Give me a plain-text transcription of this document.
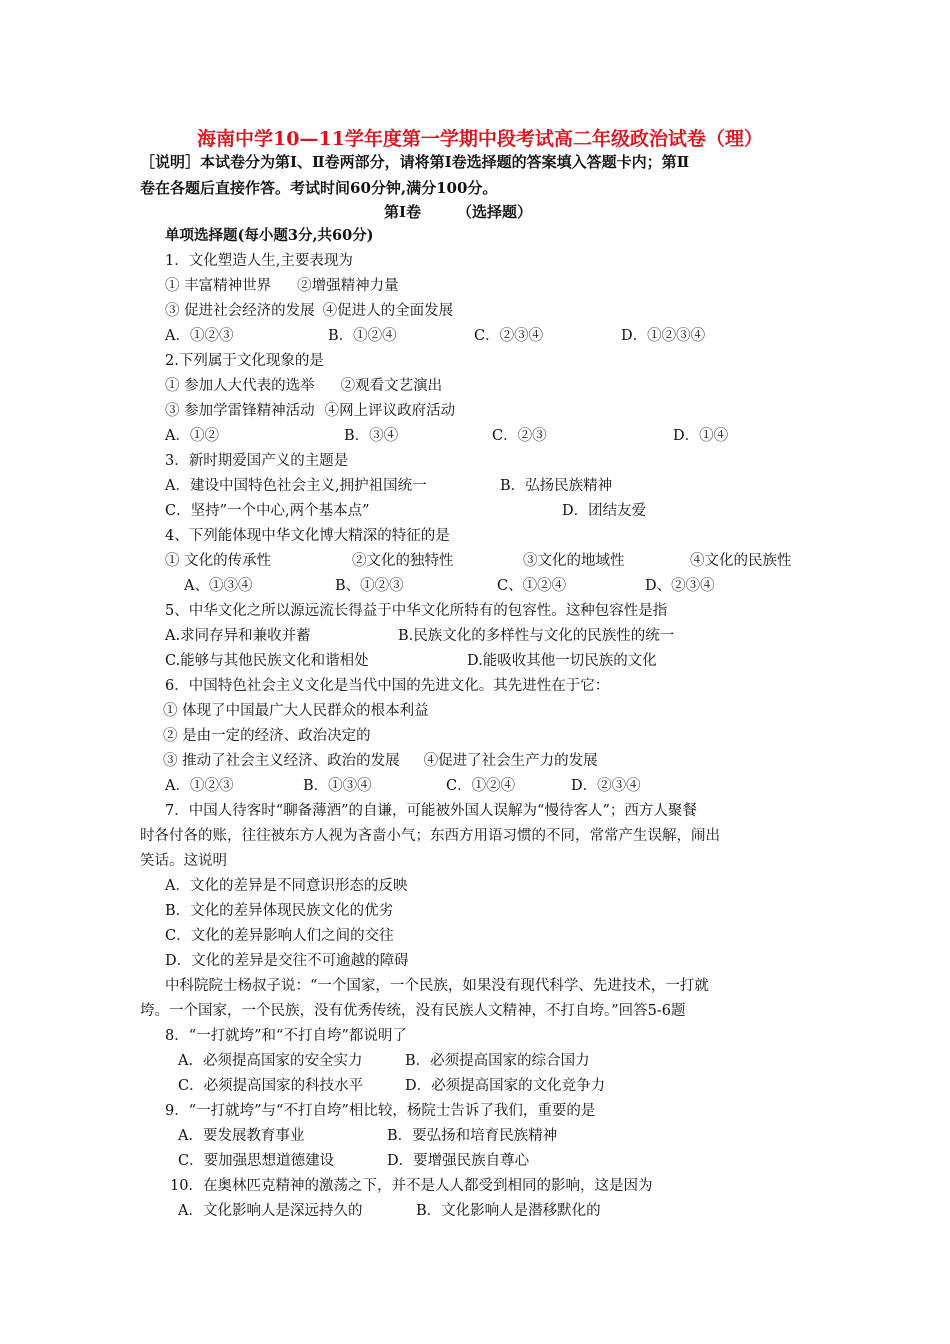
海南中学10—11学年度第一学期中段考试高二年级政治试卷（理）
［说明］本试卷分为第Ⅰ、Ⅱ卷两部分，请将第Ⅰ卷选择题的答案填入答题卡内；第Ⅱ
卷在各题后直接作答。考试时间60分钟,满分100分。
第Ⅰ卷 （选择题）
单项选择题(每小题3分,共60分)
1．文化塑造人生,主要表现为
① 丰富精神世界 ②增强精神力量
③ 促进社会经济的发展 ④促进人的全面发展
A．①②③	B．①②④	C．②③④	D．①②③④
2.下列属于文化现象的是
① 参加人大代表的选举 ②观看文艺演出
③ 参加学雷锋精神活动 ④网上评议政府活动
A．①②	B．③④	C．②③	D．①④
3．新时期爱国产义的主题是
A．建设中国特色社会主义,拥护祖国统一	B．弘扬民族精神
C．坚持”一个中心,两个基本点”	D．团结友爱
4、下列能体现中华文化博大精深的特征的是
① 文化的传承性	②文化的独特性	③文化的地域性	④文化的民族性
A、①③④	B、①②③	C、①②④	D、②③④
5、中华文化之所以源远流长得益于中华文化所特有的包容性。这种包容性是指
A.求同存异和兼收并蓄	B.民族文化的多样性与文化的民族性的统一
C.能够与其他民族文化和谐相处	D.能吸收其他一切民族的文化
6．中国特色社会主义文化是当代中国的先进文化。其先进性在于它：
① 体现了中国最广大人民群众的根本利益
② 是由一定的经济、政治决定的
③ 推动了社会主义经济、政治的发展 ④促进了社会生产力的发展
A．①②③	B．①③④	C．①②④	D．②③④
7．中国人待客时“聊备薄酒”的自谦，可能被外国人误解为“慢待客人”；西方人聚餐
时各付各的账，往往被东方人视为吝啬小气；东西方用语习惯的不同，常常产生误解，闹出
笑话。这说明
A．文化的差异是不同意识形态的反映
B．文化的差异体现民族文化的优劣
C．文化的差异影响人们之间的交往
D．文化的差异是交往不可逾越的障碍
中科院院士杨叔子说：“一个国家，一个民族，如果没有现代科学、先进技术，一打就
垮。一个国家，一个民族，没有优秀传统，没有民族人文精神，不打自垮。”回答5-6题
8．“一打就垮”和“不打自垮”都说明了
A．必须提高国家的安全实力	B．必须提高国家的综合国力
C．必须提高国家的科技水平	D．必须提高国家的文化竞争力
9．“一打就垮”与“不打自垮”相比较，杨院士告诉了我们，重要的是
A．要发展教育事业	B．要弘扬和培育民族精神
C．要加强思想道德建设	D．要增强民族自尊心
10．在奥林匹克精神的激荡之下，并不是人人都受到相同的影响，这是因为
A．文化影响人是深远持久的	B．文化影响人是潜移默化的
